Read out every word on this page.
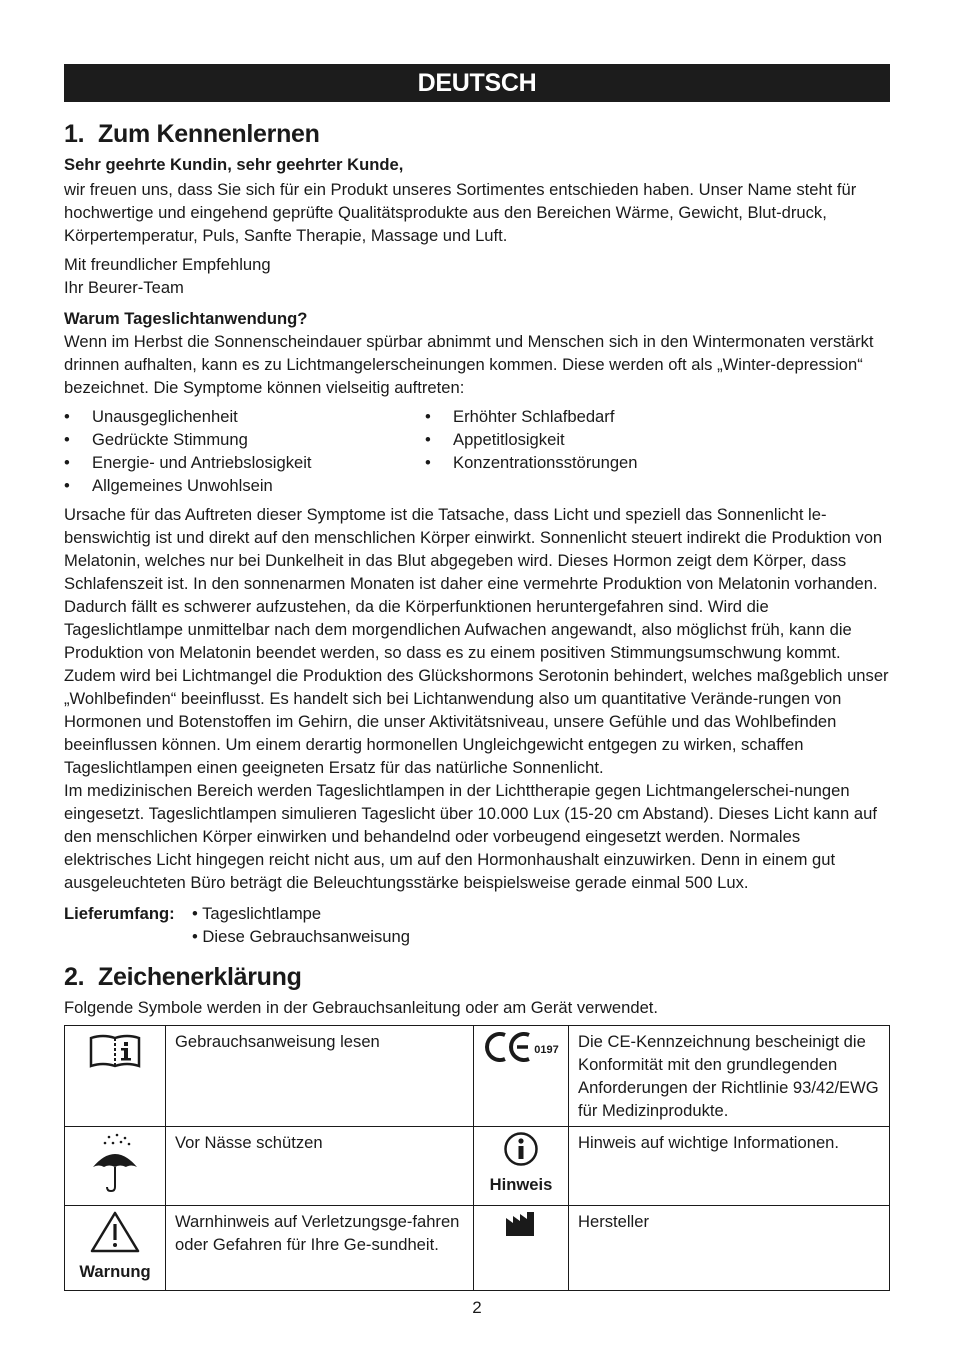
DEUTSCH
1. Zum Kennenlernen

Sehr geehrte Kundin, sehr geehrter Kunde,

wir freuen uns, dass Sie sich für ein Produkt unseres Sortimentes entschieden haben. Unser Name steht für hochwertige und eingehend geprüfte Qualitätsprodukte aus den Bereichen Wärme, Gewicht, Blut-druck, Körpertemperatur, Puls, Sanfte Therapie, Massage und Luft.

Mit freundlicher Empfehlung

Ihr Beurer-Team

Warum Tageslichtanwendung?

Wenn im Herbst die Sonnenscheindauer spürbar abnimmt und Menschen sich in den Wintermonaten verstärkt drinnen aufhalten, kann es zu Lichtmangelerscheinungen kommen. Diese werden oft als „Winter-depression“ bezeichnet. Die Symptome können vielseitig auftreten:

• Unausgeglichenheit
• Gedrückte Stimmung
• Energie- und Antriebslosigkeit
• Allgemeines Unwohlsein
• Erhöhter Schlafbedarf
• Appetitlosigkeit
• Konzentrationsstörungen

Ursache für das Auftreten dieser Symptome ist die Tatsache, dass Licht und speziell das Sonnenlicht le-benswichtig ist und direkt auf den menschlichen Körper einwirkt. Sonnenlicht steuert indirekt die Produktion von Melatonin, welches nur bei Dunkelheit in das Blut abgegeben wird. Dieses Hormon zeigt dem Körper, dass Schlafenszeit ist. In den sonnenarmen Monaten ist daher eine vermehrte Produktion von Melatonin vorhanden. Dadurch fällt es schwerer aufzustehen, da die Körperfunktionen heruntergefahren sind. Wird die Tageslichtlampe unmittelbar nach dem morgendlichen Aufwachen angewandt, also möglichst früh, kann die Produktion von Melatonin beendet werden, so dass es zu einem positiven Stimmungsumschwung kommt. Zudem wird bei Lichtmangel die Produktion des Glückshormons Serotonin behindert, welches maßgeblich unser „Wohlbefinden“ beeinflusst. Es handelt sich bei Lichtanwendung also um quantitative Verände-rungen von Hormonen und Botenstoffen im Gehirn, die unser Aktivitätsniveau, unsere Gefühle und das Wohlbefinden beeinflussen können. Um einem derartig hormonellen Ungleichgewicht entgegen zu wirken, schaffen Tageslichtlampen einen geeigneten Ersatz für das natürliche Sonnenlicht.

Im medizinischen Bereich werden Tageslichtlampen in der Lichttherapie gegen Lichtmangelerschei-nungen eingesetzt. Tageslichtlampen simulieren Tageslicht über 10.000 Lux (15-20 cm Abstand). Dieses Licht kann auf den menschlichen Körper einwirken und behandelnd oder vorbeugend eingesetzt werden. Normales elektrisches Licht hingegen reicht nicht aus, um auf den Hormonhaushalt einzuwirken. Denn in einem gut ausgeleuchteten Büro beträgt die Beleuchtungsstärke beispielsweise gerade einmal 500 Lux.

Lieferumfang:	• Tageslichtlampe
• Diese Gebrauchsanweisung
2. Zeichenerklärung

Folgende Symbole werden in der Gebrauchsanleitung oder am Gerät verwendet.

	Gebrauchsanweisung lesen	0197	Die CE-Kennzeichnung bescheinigt die Konformität mit den grundlegenden Anforderungen der Richtlinie 93/42/EWG für Medizinprodukte.
	Vor Nässe schützen	Hinweis	Hinweis auf wichtige Informationen.

Warnung	Warnhinweis auf Verletzungsge-fahren oder Gefahren für Ihre Ge-sundheit.		Hersteller
2
